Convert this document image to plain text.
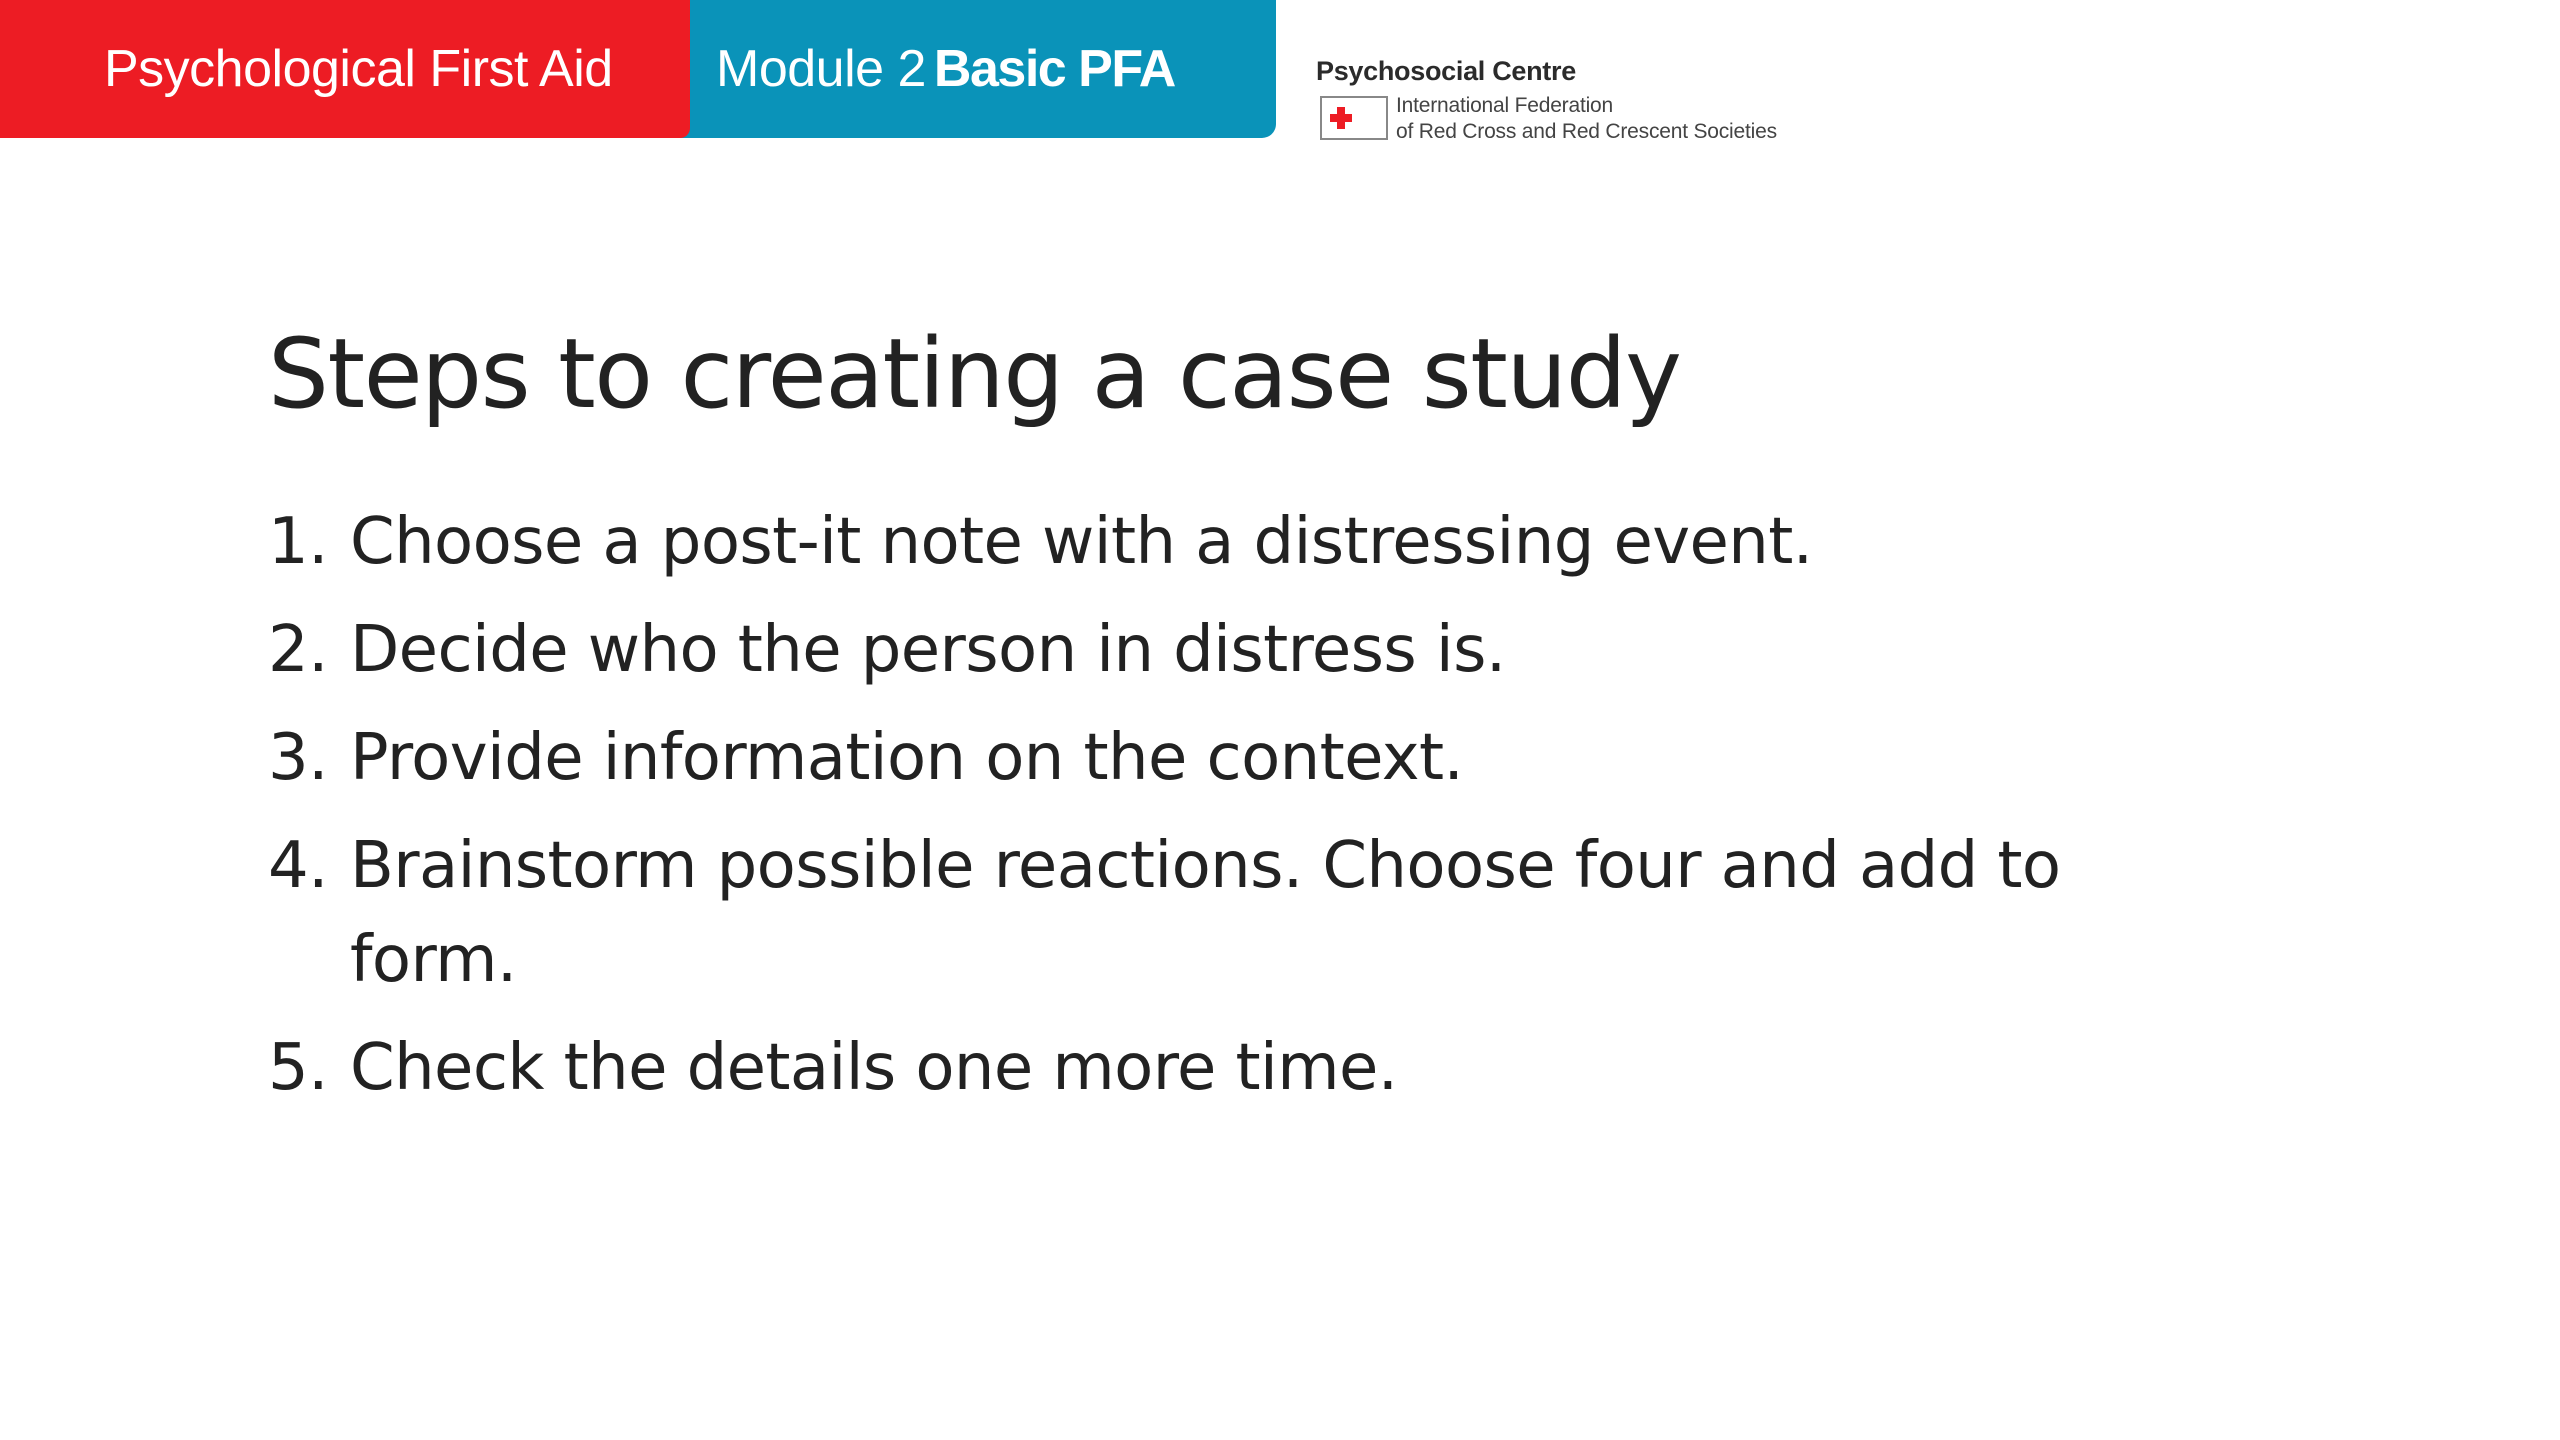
Psychological First Aid Module 2 Basic PFA	Psychosocial Centre
International Federation
of Red Cross and Red Crescent Societies
Steps to creating a case study
1. Choose a post-it note with a distressing event.
2. Decide who the person in distress is.
3. Provide information on the context.
4. Brainstorm possible reactions. Choose four and add to form.
5. Check the details one more time.
